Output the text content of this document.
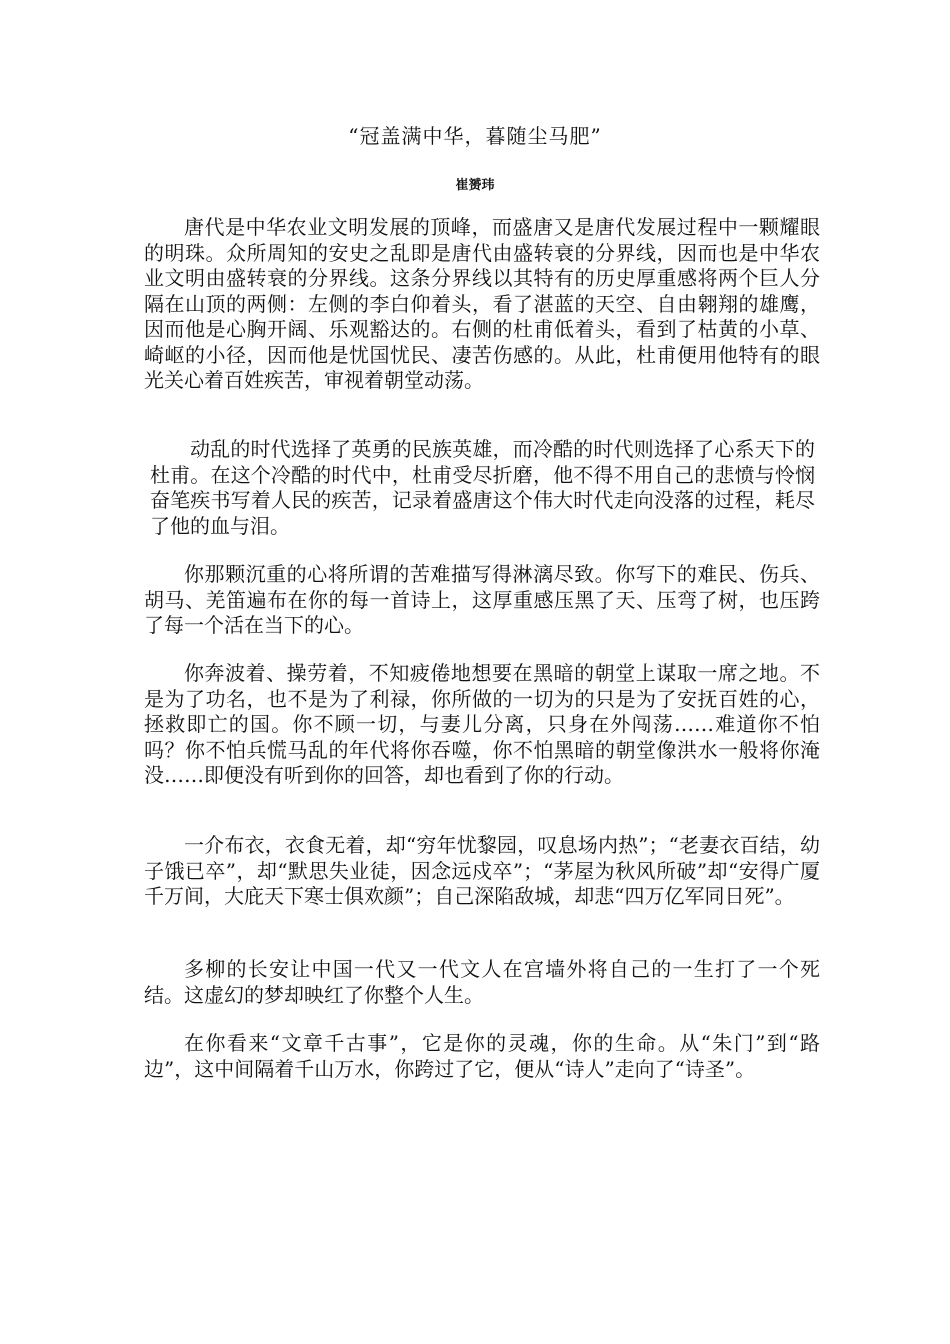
“冠盖满中华，暮随尘马肥”
崔赟玮

唐代是中华农业文明发展的顶峰，而盛唐又是唐代发展过程中一颗耀眼的明珠。众所周知的安史之乱即是唐代由盛转衰的分界线，因而也是中华农业文明由盛转衰的分界线。这条分界线以其特有的历史厚重感将两个巨人分隔在山顶的两侧：左侧的李白仰着头，看了湛蓝的天空、自由翱翔的雄鹰，因而他是心胸开阔、乐观豁达的。右侧的杜甫低着头，看到了枯黄的小草、崎岖的小径，因而他是忧国忧民、凄苦伤感的。从此，杜甫便用他特有的眼光关心着百姓疾苦，审视着朝堂动荡。

动乱的时代选择了英勇的民族英雄，而冷酷的时代则选择了心系天下的杜甫。在这个冷酷的时代中，杜甫受尽折磨，他不得不用自己的悲愤与怜悯奋笔疾书写着人民的疾苦，记录着盛唐这个伟大时代走向没落的过程，耗尽了他的血与泪。

你那颗沉重的心将所谓的苦难描写得淋漓尽致。你写下的难民、伤兵、胡马、羌笛遍布在你的每一首诗上，这厚重感压黑了天、压弯了树，也压跨了每一个活在当下的心。

你奔波着、操劳着，不知疲倦地想要在黑暗的朝堂上谋取一席之地。不是为了功名，也不是为了利禄，你所做的一切为的只是为了安抚百姓的心，拯救即亡的国。你不顾一切，与妻儿分离，只身在外闯荡……难道你不怕吗？你不怕兵慌马乱的年代将你吞噬，你不怕黑暗的朝堂像洪水一般将你淹没……即便没有听到你的回答，却也看到了你的行动。

一介布衣，衣食无着，却“穷年忧黎园，叹息场内热”；“老妻衣百结，幼子饿已卒”，却“默思失业徒，因念远戍卒”；“茅屋为秋风所破”却“安得广厦千万间，大庇天下寒士俱欢颜”；自己深陷敌城，却悲“四万亿军同日死”。

多柳的长安让中国一代又一代文人在宫墙外将自己的一生打了一个死结。这虚幻的梦却映红了你整个人生。

在你看来“文章千古事”，它是你的灵魂，你的生命。从“朱门”到“路边”，这中间隔着千山万水，你跨过了它，便从“诗人”走向了“诗圣”。
